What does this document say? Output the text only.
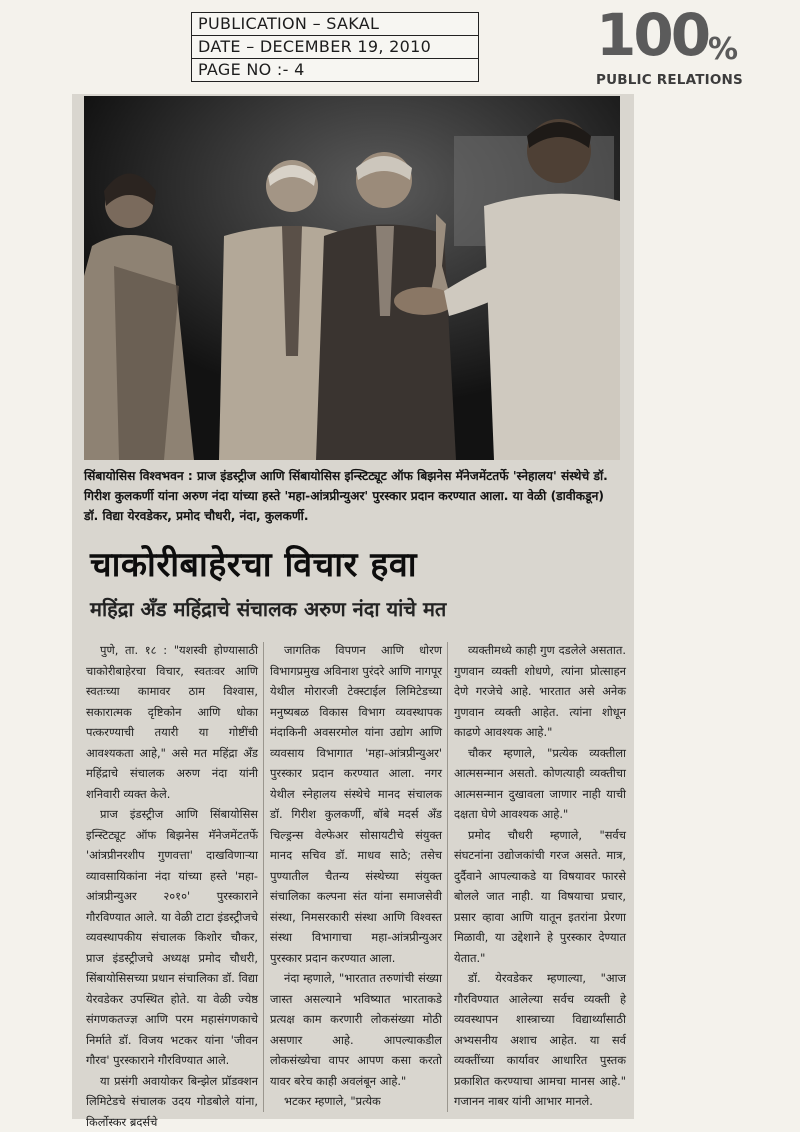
PUBLICATION – SAKAL
DATE – DECEMBER 19, 2010
PAGE NO :- 4
100 %
PUBLIC RELATIONS
सिंबायोसिस विश्वभवन : प्राज इंडस्ट्रीज आणि सिंबायोसिस इन्स्टिट्यूट ऑफ बिझनेस मॅनेजमेंटतर्फे 'स्नेहालय' संस्थेचे डॉ. गिरीश कुलकर्णी यांना अरुण नंदा यांच्या हस्ते 'महा-आंत्रप्रीन्युअर' पुरस्कार प्रदान करण्यात आला. या वेळी (डावीकडून) डॉ. विद्या येरवडेकर, प्रमोद चौधरी, नंदा, कुलकर्णी.
चाकोरीबाहेरचा विचार हवा
महिंद्रा अँड महिंद्राचे संचालक अरुण नंदा यांचे मत

पुणे, ता. १८ : "यशस्वी होण्यासाठी चाकोरीबाहेरचा विचार, स्वतःवर आणि स्वतःच्या कामावर ठाम विश्वास, सकारात्मक दृष्टिकोन आणि धोका पत्करण्याची तयारी या गोष्टींची आवश्यकता आहे," असे मत महिंद्रा अँड महिंद्राचे संचालक अरुण नंदा यांनी शनिवारी व्यक्त केले.

प्राज इंडस्ट्रीज आणि सिंबायोसिस इन्स्टिट्यूट ऑफ बिझनेस मॅनेजमेंटतर्फे 'आंत्रप्रीनरशीप गुणवत्ता' दाखविणाऱ्या व्यावसायिकांना नंदा यांच्या हस्ते 'महा-आंत्रप्रीन्युअर २०१०' पुरस्काराने गौरविण्यात आले. या वेळी टाटा इंडस्ट्रीजचे व्यवस्थापकीय संचालक किशोर चौकर, प्राज इंडस्ट्रीजचे अध्यक्ष प्रमोद चौधरी, सिंबायोसिसच्या प्रधान संचालिका डॉ. विद्या येरवडेकर उपस्थित होते. या वेळी ज्येष्ठ संगणकतज्ज्ञ आणि परम महासंगणकाचे निर्माते डॉ. विजय भटकर यांना 'जीवन गौरव' पुरस्काराने गौरविण्यात आले.

या प्रसंगी अवायोकर बिन्झेल प्रॉडक्शन लिमिटेडचे संचालक उदय गोडबोले यांना, किर्लोस्कर ब्रदर्सचे

जागतिक विपणन आणि धोरण विभागप्रमुख अविनाश पुरंदरे आणि नागपूर येथील मोरारजी टेक्स्टाईल लिमिटेडच्या मनुष्यबळ विकास विभाग व्यवस्थापक मंदाकिनी अवसरमोल यांना उद्योग आणि व्यवसाय विभागात 'महा-आंत्रप्रीन्युअर' पुरस्कार प्रदान करण्यात आला. नगर येथील स्नेहालय संस्थेचे मानद संचालक डॉ. गिरीश कुलकर्णी, बॉबे मदर्स अँड चिल्ड्रन्स वेल्फेअर सोसायटीचे संयुक्त मानद सचिव डॉ. माधव साठे; तसेच पुण्यातील चैतन्य संस्थेच्या संयुक्त संचालिका कल्पना संत यांना समाजसेवी संस्था, निमसरकारी संस्था आणि विश्वस्त संस्था विभागाचा महा-आंत्रप्रीन्युअर पुरस्कार प्रदान करण्यात आला.

नंदा म्हणाले, "भारतात तरुणांची संख्या जास्त असल्याने भविष्यात भारताकडे प्रत्यक्ष काम करणारी लोकसंख्या मोठी असणार आहे. आपल्याकडील लोकसंख्येचा वापर आपण कसा करतो यावर बरेच काही अवलंबून आहे."

भटकर म्हणाले, "प्रत्येक

व्यक्तीमध्ये काही गुण दडलेले असतात. गुणवान व्यक्ती शोधणे, त्यांना प्रोत्साहन देणे गरजेचे आहे. भारतात असे अनेक गुणवान व्यक्ती आहेत. त्यांना शोधून काढणे आवश्यक आहे."

चौकर म्हणाले, "प्रत्येक व्यक्तीला आत्मसन्मान असतो. कोणत्याही व्यक्तीचा आत्मसन्मान दुखावला जाणार नाही याची दक्षता घेणे आवश्यक आहे."

प्रमोद चौधरी म्हणाले, "सर्वच संघटनांना उद्योजकांची गरज असते. मात्र, दुर्दैवाने आपल्याकडे या विषयावर फारसे बोलले जात नाही. या विषयाचा प्रचार, प्रसार व्हावा आणि यातून इतरांना प्रेरणा मिळावी, या उद्देशाने हे पुरस्कार देण्यात येतात."

डॉ. येरवडेकर म्हणाल्या, "आज गौरविण्यात आलेल्या सर्वच व्यक्ती हे व्यवस्थापन शास्त्राच्या विद्यार्थ्यांसाठी अभ्यसनीय अशाच आहेत. या सर्व व्यक्तींच्या कार्यावर आधारित पुस्तक प्रकाशित करण्याचा आमचा मानस आहे." गजानन नाबर यांनी आभार मानले.
